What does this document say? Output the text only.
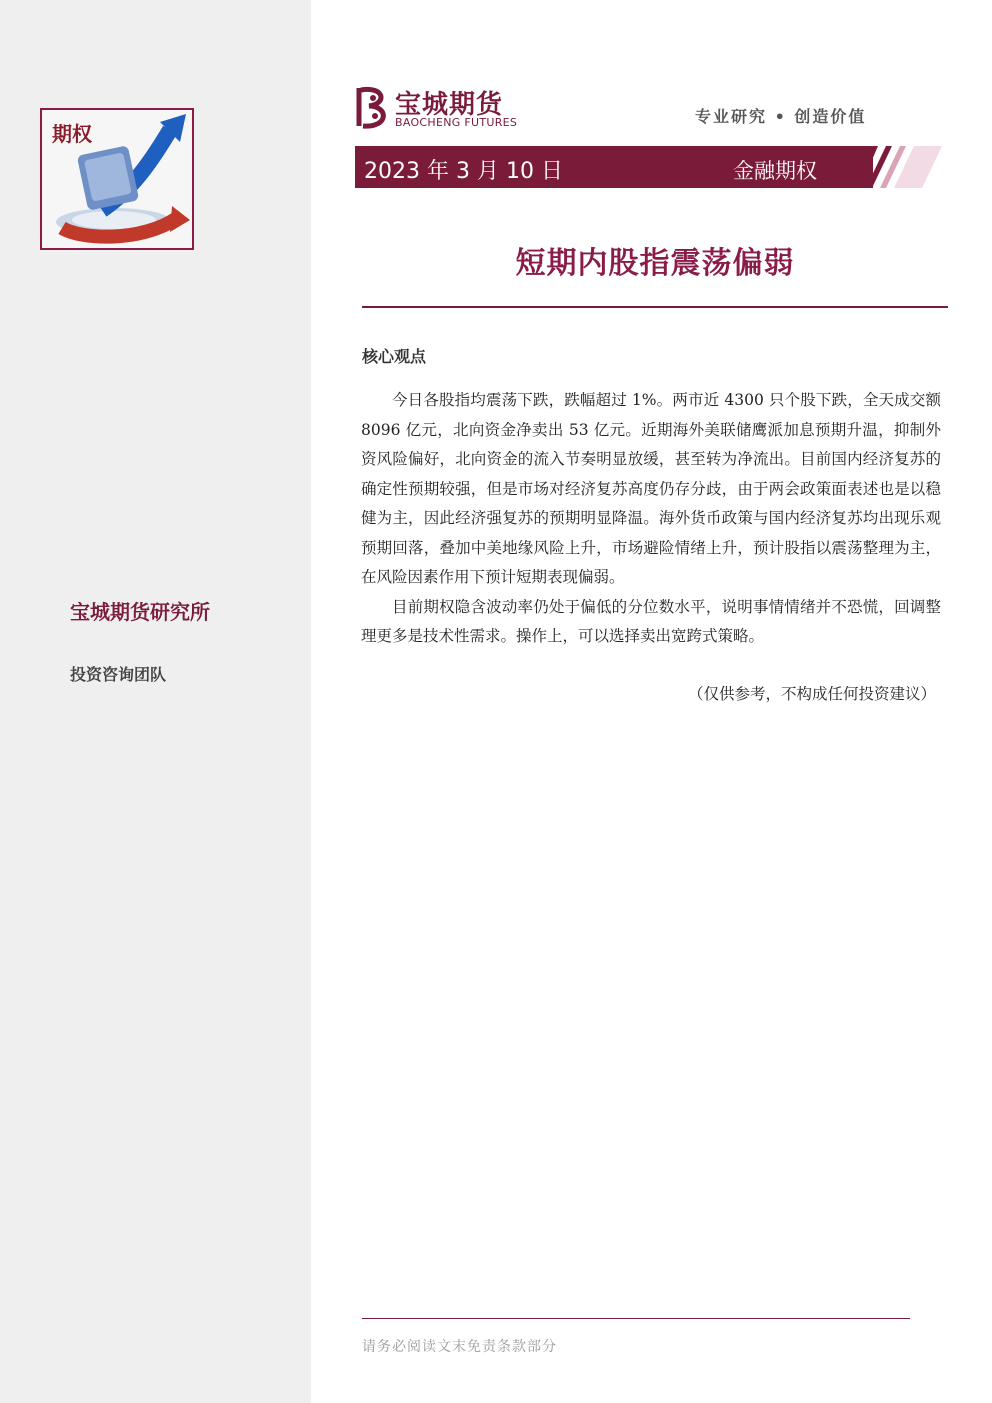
期权
宝城期货研究所
投资咨询团队
宝城期货
BAOCHENG FUTURES	专业研究 • 创造价值
2023 年 3 月 10 日	金融期权
短期内股指震荡偏弱
核心观点

今日各股指均震荡下跌，跌幅超过 1%。两市近 4300 只个股下跌，全天成交额 8096 亿元，北向资金净卖出 53 亿元。近期海外美联储鹰派加息预期升温，抑制外资风险偏好，北向资金的流入节奏明显放缓，甚至转为净流出。目前国内经济复苏的确定性预期较强，但是市场对经济复苏高度仍存分歧，由于两会政策面表述也是以稳健为主，因此经济强复苏的预期明显降温。海外货币政策与国内经济复苏均出现乐观预期回落，叠加中美地缘风险上升，市场避险情绪上升，预计股指以震荡整理为主，在风险因素作用下预计短期表现偏弱。

目前期权隐含波动率仍处于偏低的分位数水平，说明事情情绪并不恐慌，回调整理更多是技术性需求。操作上，可以选择卖出宽跨式策略。

（仅供参考，不构成任何投资建议）
请务必阅读文末免责条款部分
